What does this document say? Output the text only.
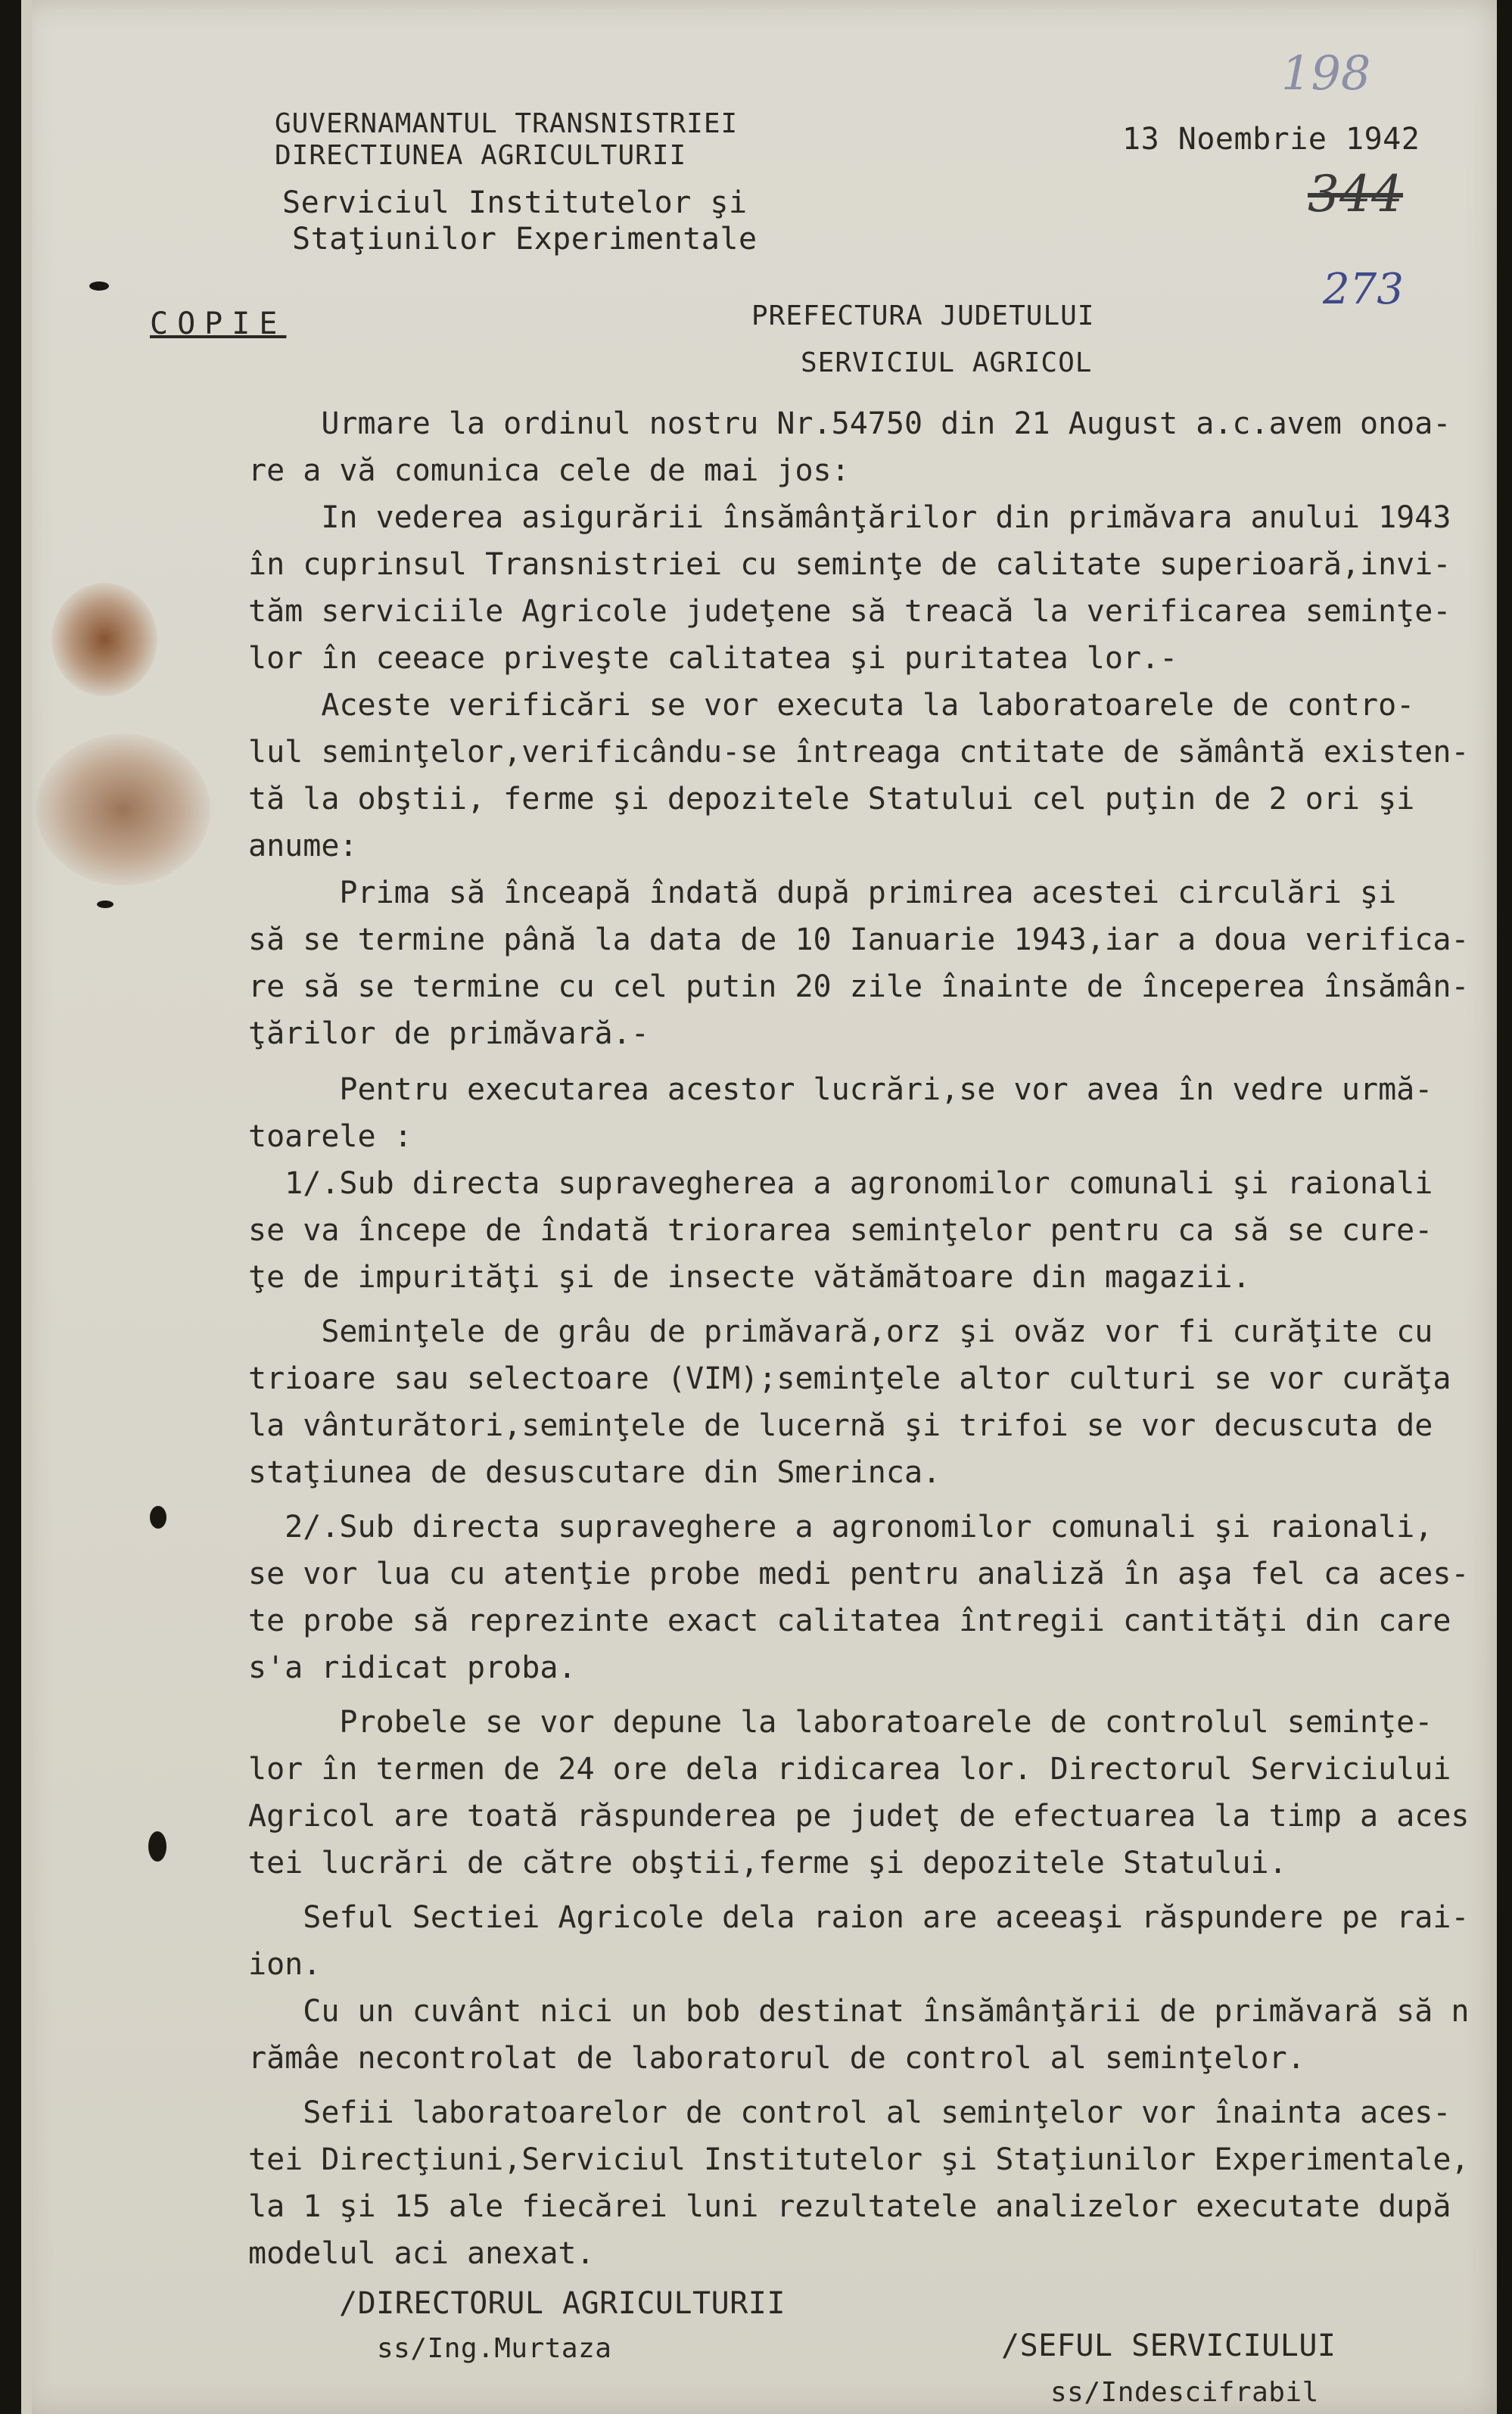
GUVERNAMANTUL TRANSNISTRIEI
DIRECTIUNEA AGRICULTURII
Serviciul Institutelor şi
Staţiunilor Experimentale
13 Noembrie 1942
198
344
273
COPIE	PREFECTURA JUDETULUI
SERVICIUL AGRICOL
Urmare la ordinul nostru Nr.54750 din 21 August a.c.avem onoa-
re a vă comunica cele de mai jos:
In vederea asigurării însămânţărilor din primăvara anului 1943
în cuprinsul Transnistriei cu seminţe de calitate superioară,invi-
tăm serviciile Agricole judeţene să treacă la verificarea seminţe-
lor în ceeace priveşte calitatea şi puritatea lor.-
Aceste verificări se vor executa la laboratoarele de contro-
lul seminţelor,verificându-se întreaga cntitate de sământă existen-
tă la obştii, ferme şi depozitele Statului cel puţin de 2 ori şi
anume:
Prima să înceapă îndată după primirea acestei circulări şi
să se termine până la data de 10 Ianuarie 1943,iar a doua verifica-
re să se termine cu cel putin 20 zile înainte de începerea însămân-
ţărilor de primăvară.-
Pentru executarea acestor lucrări,se vor avea în vedre urmă-
toarele :
1/.Sub directa supravegherea a agronomilor comunali şi raionali
se va începe de îndată triorarea seminţelor pentru ca să se cure-
ţe de impurităţi şi de insecte vătămătoare din magazii.
Seminţele de grâu de primăvară,orz şi ovăz vor fi curăţite cu
trioare sau selectoare (VIM);seminţele altor culturi se vor curăţa
la vânturători,seminţele de lucernă şi trifoi se vor decuscuta de
staţiunea de desuscutare din Smerinca.
2/.Sub directa supraveghere a agronomilor comunali şi raionali,
se vor lua cu atenţie probe medi pentru analiză în aşa fel ca aces-
te probe să reprezinte exact calitatea întregii cantităţi din care
s'a ridicat proba.
Probele se vor depune la laboratoarele de controlul seminţe-
lor în termen de 24 ore dela ridicarea lor. Directorul Serviciului
Agricol are toată răspunderea pe judeţ de efectuarea la timp a aces
tei lucrări de către obştii,ferme şi depozitele Statului.
Seful Sectiei Agricole dela raion are aceeaşi răspundere pe rai-
ion.
Cu un cuvânt nici un bob destinat însămânţării de primăvară să n
rămâe necontrolat de laboratorul de control al seminţelor.
Sefii laboratoarelor de control al seminţelor vor înainta aces-
tei Direcţiuni,Serviciul Institutelor şi Staţiunilor Experimentale,
la 1 şi 15 ale fiecărei luni rezultatele analizelor executate după
modelul aci anexat.
/DIRECTORUL AGRICULTURII
ss/Ing.Murtaza	/SEFUL SERVICIULUI
ss/Indescifrabil
